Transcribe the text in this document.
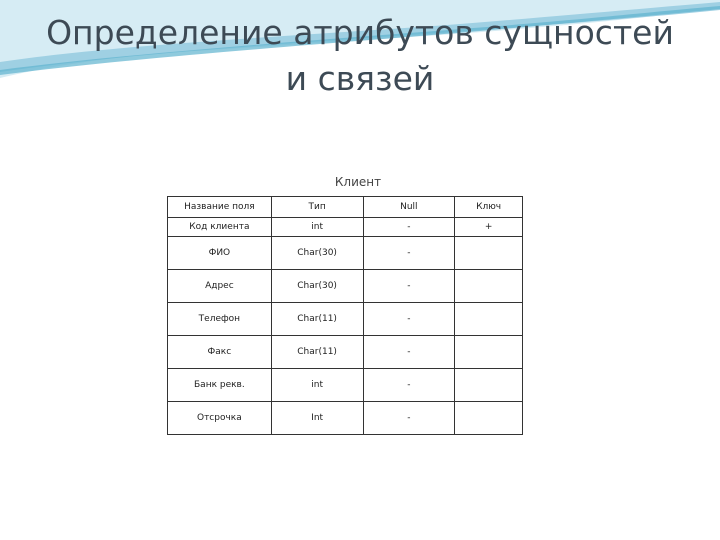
Определение атрибутов сущностей
и связей
Клиент
Название поля	Тип	Null	Ключ
Код клиента	int	-	+
ФИО	Char(30)	-	
Адрес	Char(30)	-	
Телефон	Char(11)	-	
Факс	Char(11)	-	
Банк рекв.	int	-	
Отсрочка	Int	-	
